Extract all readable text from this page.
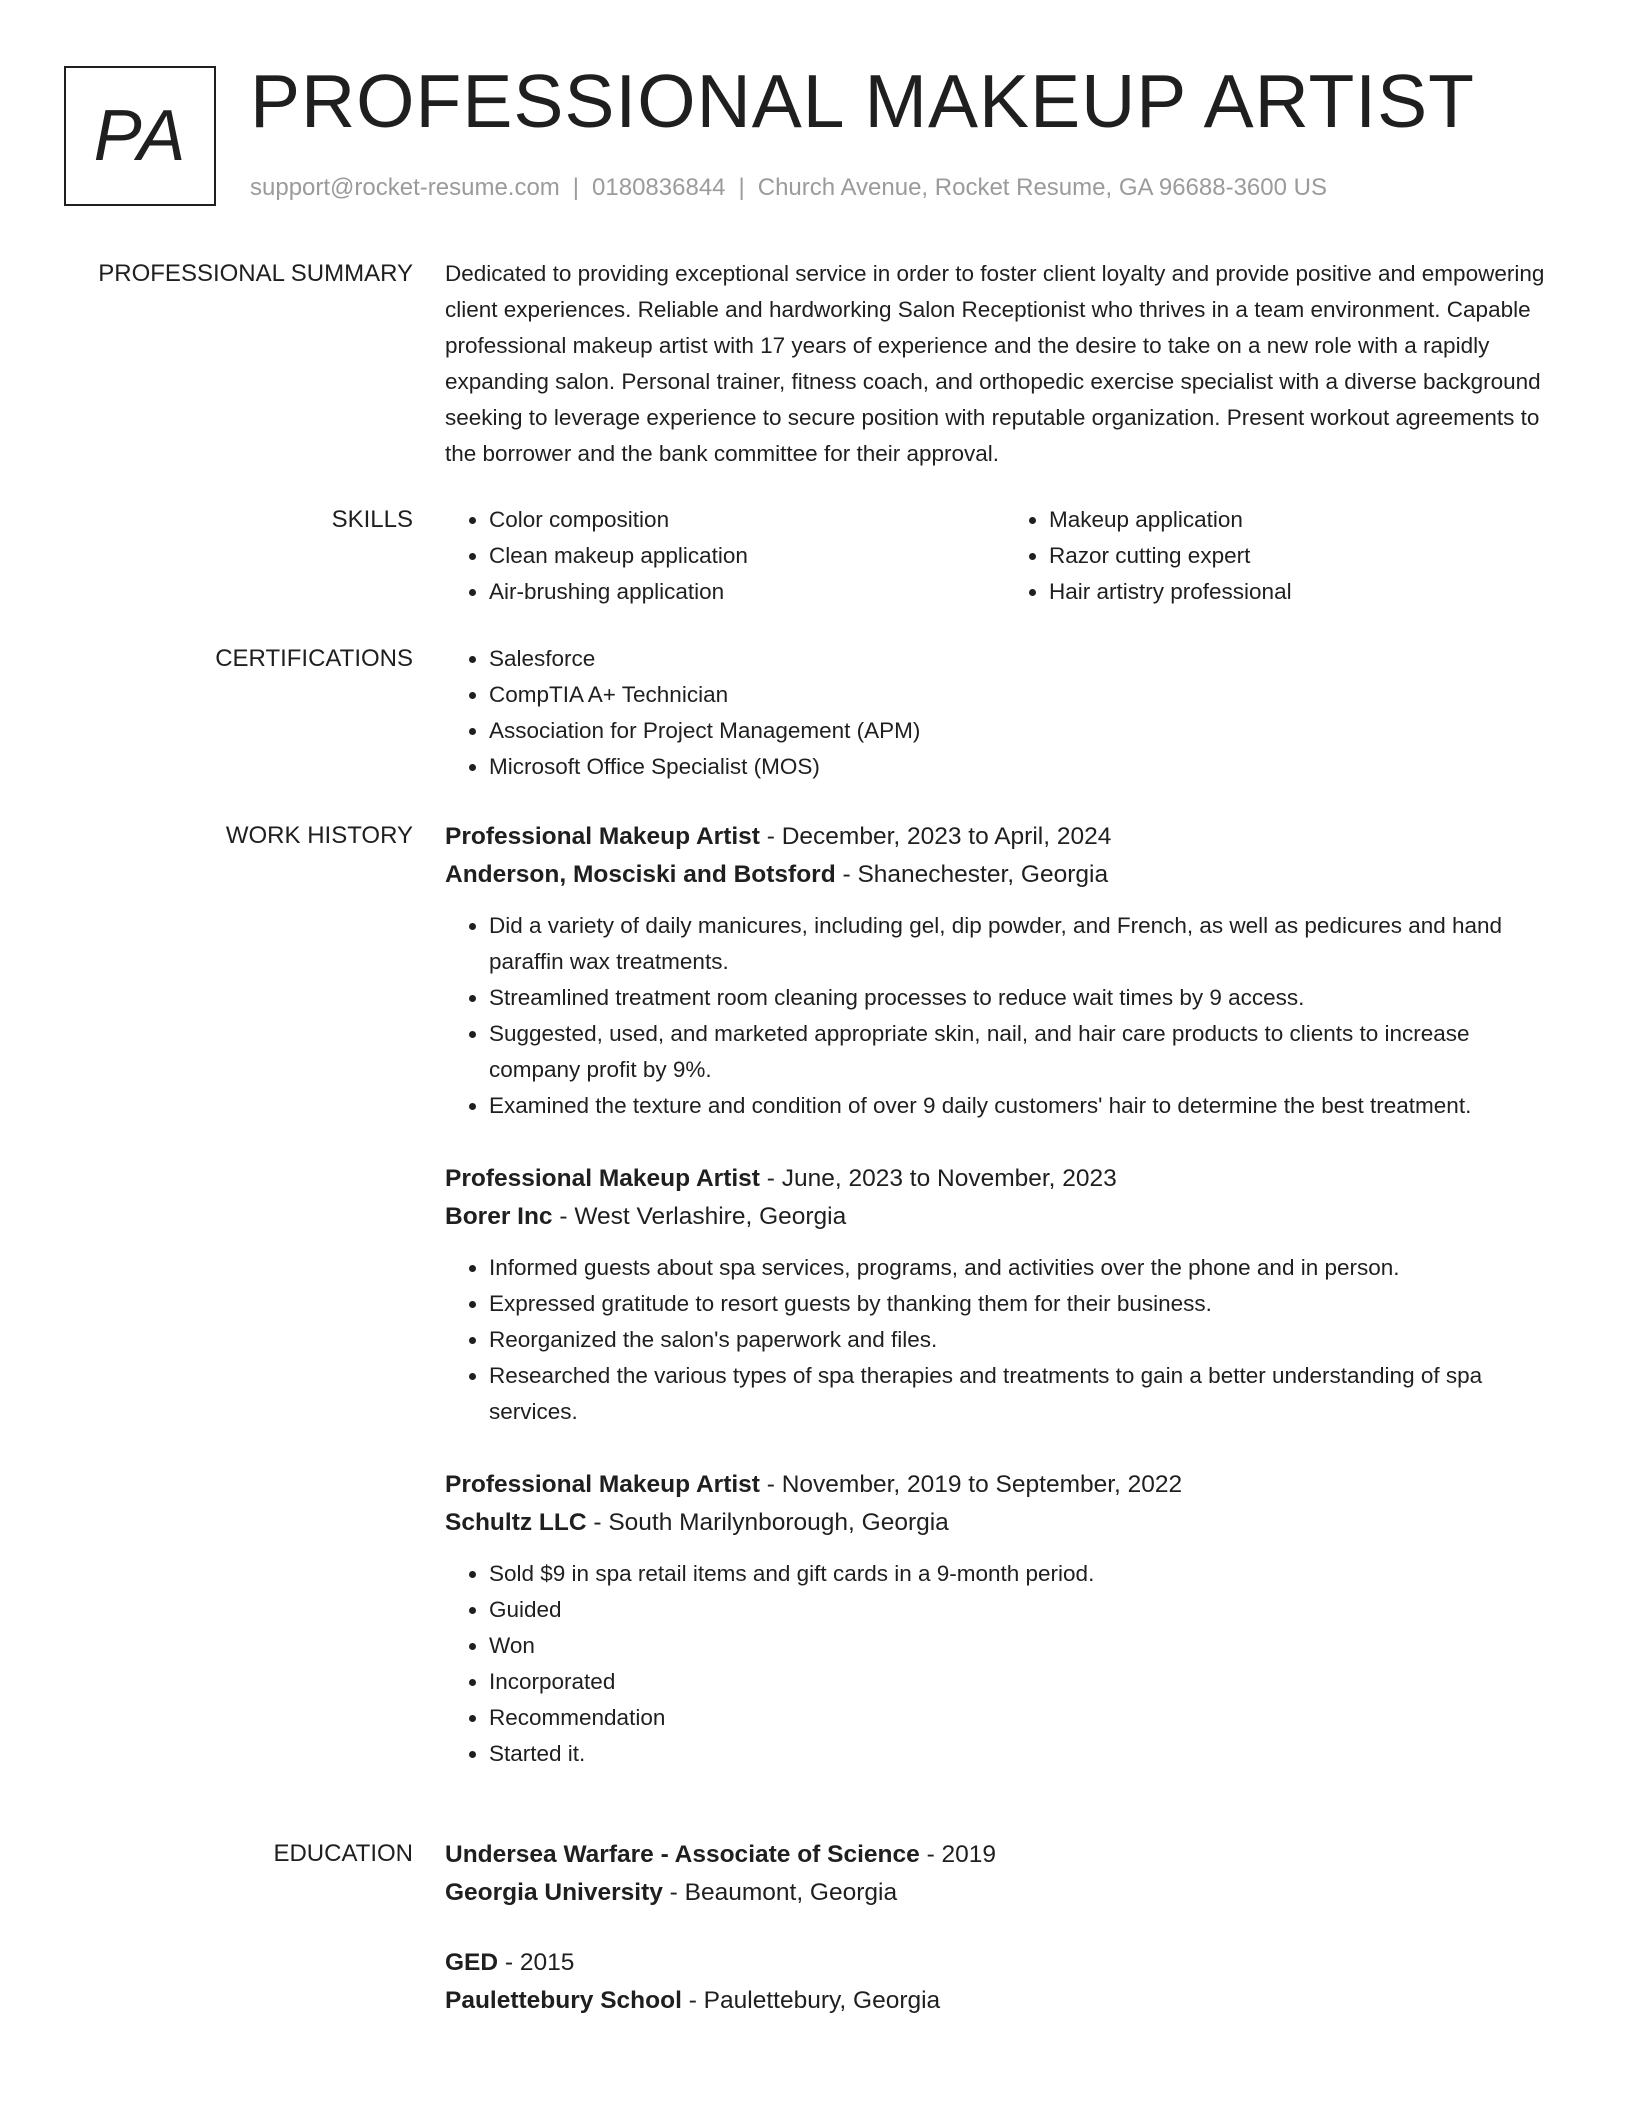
PA PROFESSIONAL MAKEUP ARTIST
support@rocket-resume.com | 0180836844 | Church Avenue, Rocket Resume, GA 96688-3600 US
PROFESSIONAL SUMMARY Dedicated to providing exceptional service in order to foster client loyalty and provide positive and empowering client experiences. Reliable and hardworking Salon Receptionist who thrives in a team environment. Capable professional makeup artist with 17 years of experience and the desire to take on a new role with a rapidly expanding salon. Personal trainer, fitness coach, and orthopedic exercise specialist with a diverse background seeking to leverage experience to secure position with reputable organization. Present workout agreements to the borrower and the bank committee for their approval.

SKILLS	• Color composition
• Clean makeup application
• Air-brushing application
• Makeup application
• Razor cutting expert
• Hair artistry professional
CERTIFICATIONS	• Salesforce
• CompTIA A+ Technician
• Association for Project Management (APM)
• Microsoft Office Specialist (MOS)
WORK HISTORY Professional Makeup Artist - December, 2023 to April, 2024
Anderson, Mosciski and Botsford - Shanechester, Georgia
• Did a variety of daily manicures, including gel, dip powder, and French, as well as pedicures and hand paraffin wax treatments.
• Streamlined treatment room cleaning processes to reduce wait times by 9 access.
• Suggested, used, and marketed appropriate skin, nail, and hair care products to clients to increase company profit by 9%.
• Examined the texture and condition of over 9 daily customers' hair to determine the best treatment.
Professional Makeup Artist - June, 2023 to November, 2023
Borer Inc - West Verlashire, Georgia
• Informed guests about spa services, programs, and activities over the phone and in person.
• Expressed gratitude to resort guests by thanking them for their business.
• Reorganized the salon's paperwork and files.
• Researched the various types of spa therapies and treatments to gain a better understanding of spa services.
Professional Makeup Artist - November, 2019 to September, 2022
Schultz LLC - South Marilynborough, Georgia
• Sold $9 in spa retail items and gift cards in a 9-month period.
• Guided
• Won
• Incorporated
• Recommendation
• Started it.
EDUCATION Undersea Warfare - Associate of Science - 2019
Georgia University - Beaumont, Georgia
GED - 2015
Paulettebury School - Paulettebury, Georgia
